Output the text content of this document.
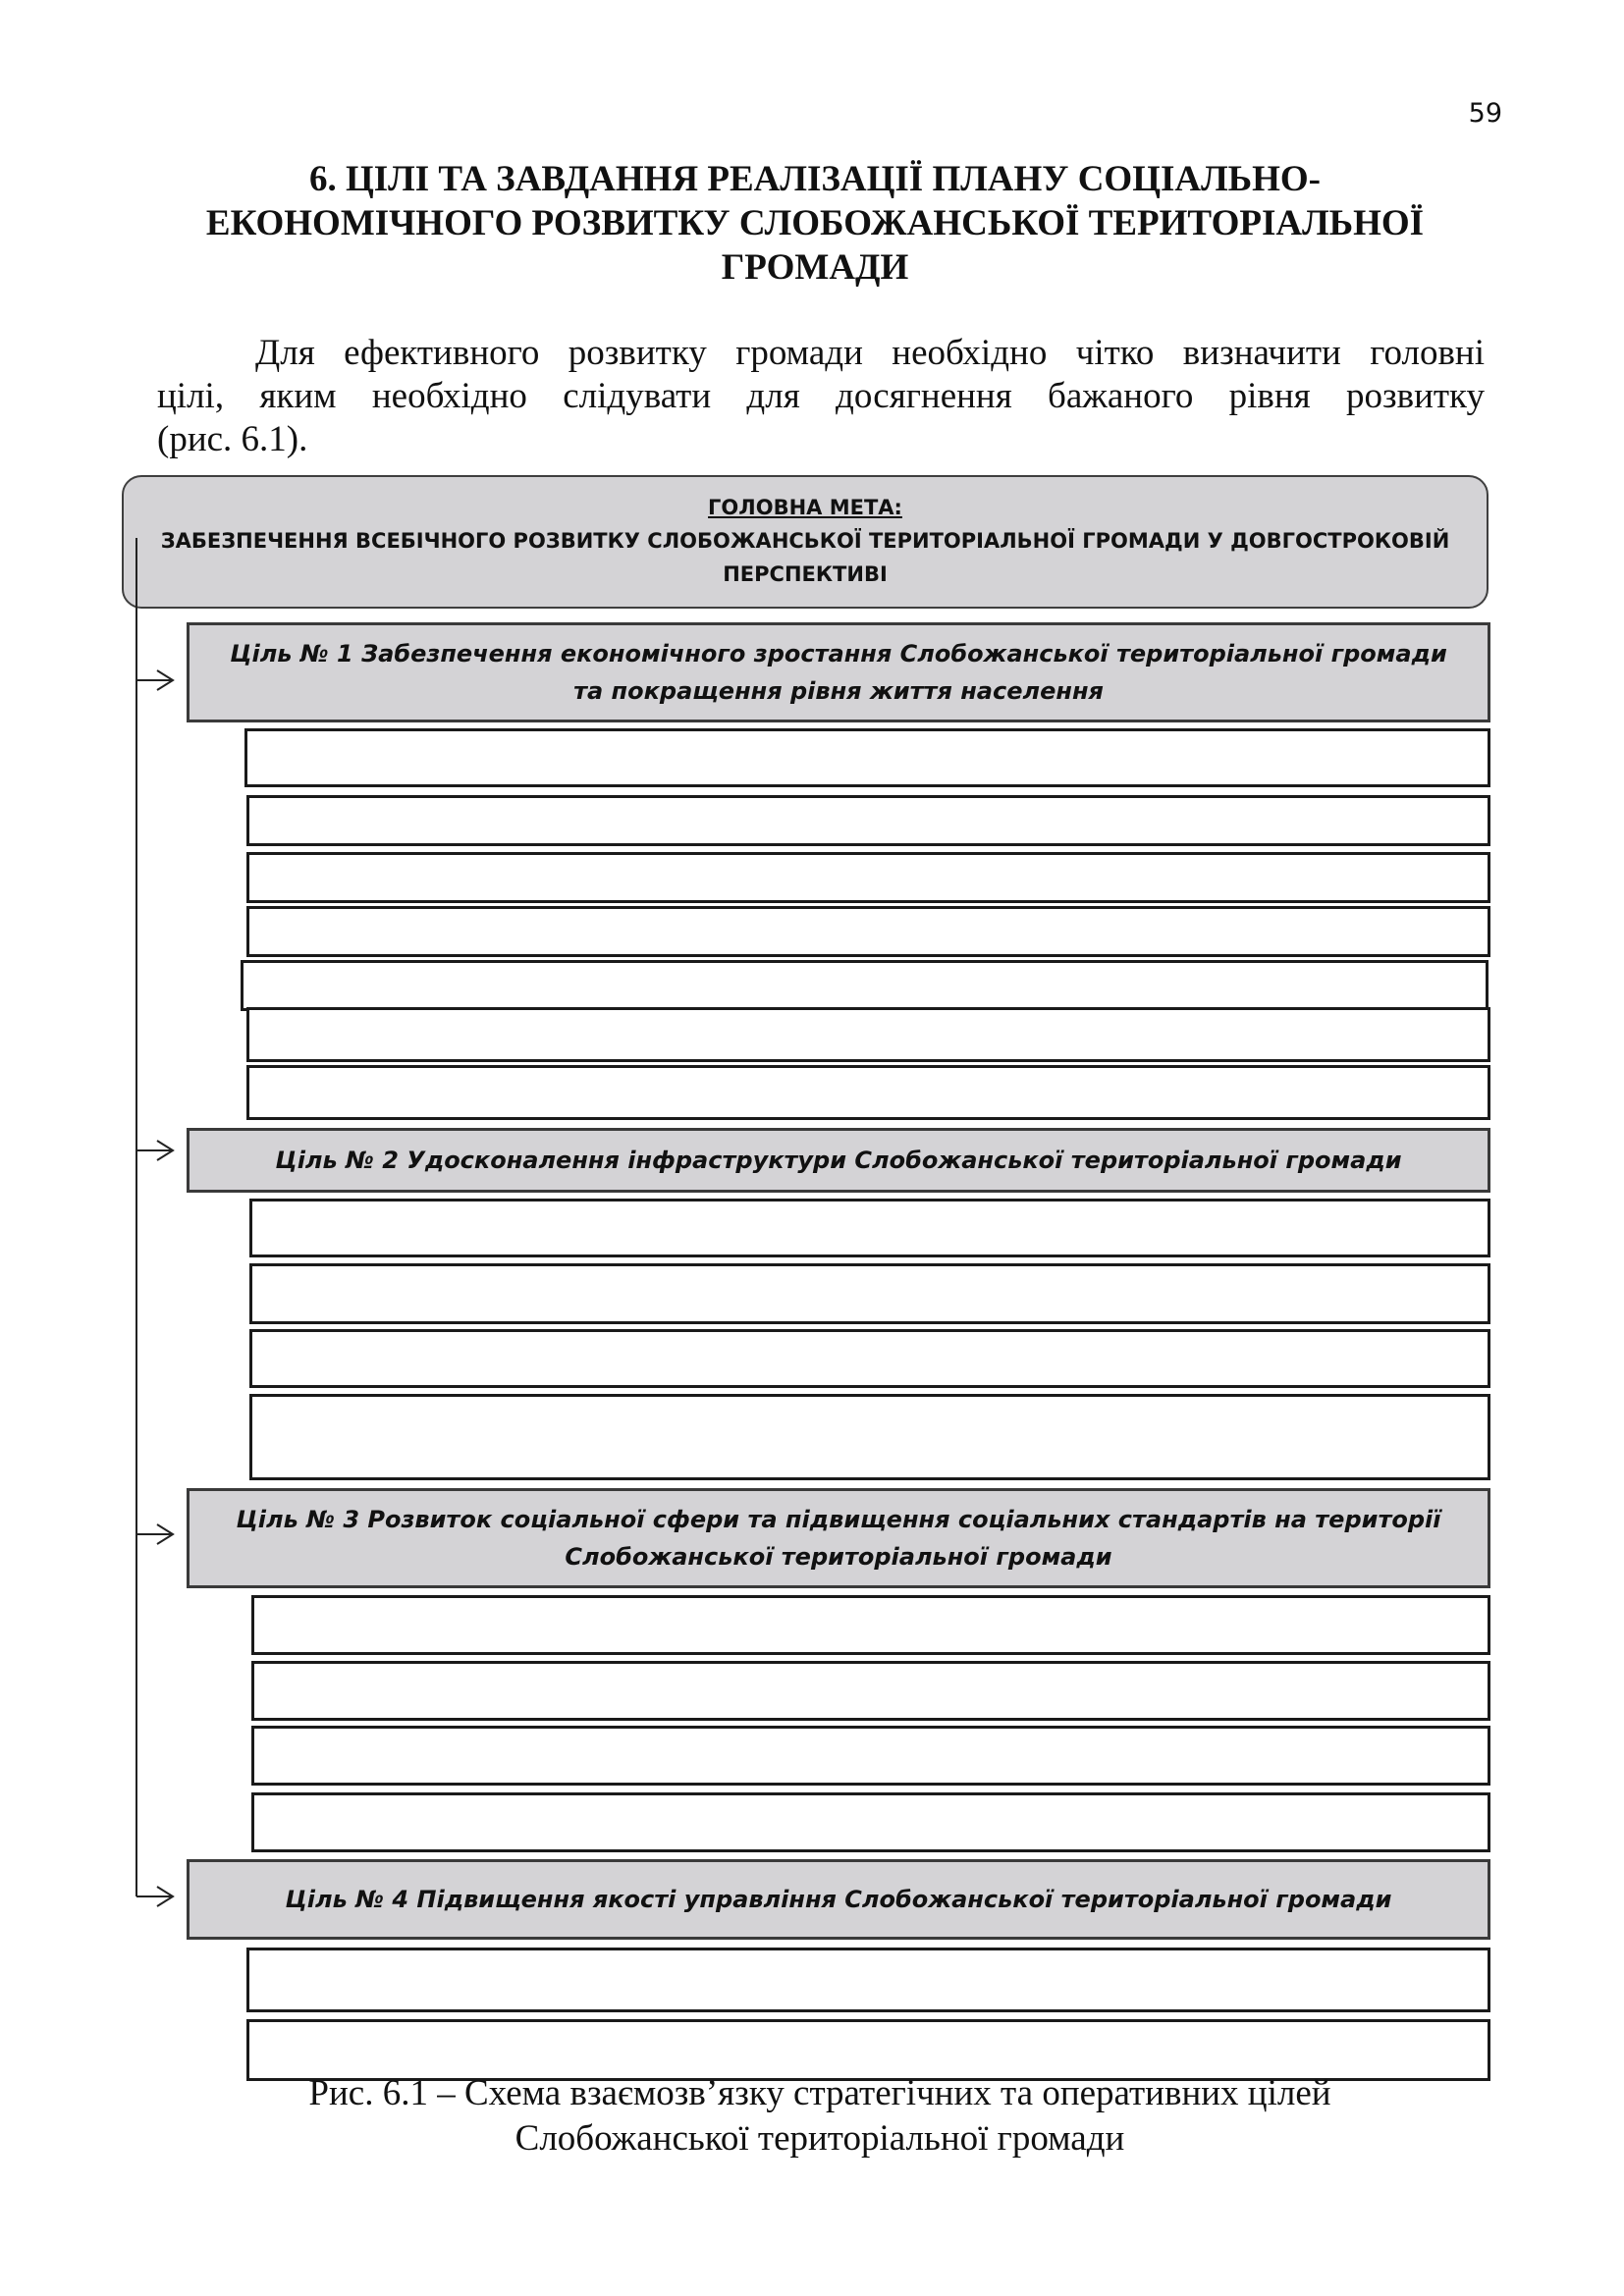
59
6. ЦІЛІ ТА ЗАВДАННЯ РЕАЛІЗАЦІЇ ПЛАНУ СОЦІАЛЬНО-
ЕКОНОМІЧНОГО РОЗВИТКУ СЛОБОЖАНСЬКОЇ ТЕРИТОРІАЛЬНОЇ
ГРОМАДИ
Для ефективного розвитку громади необхідно чітко визначити головні
цілі, яким необхідно слідувати для досягнення бажаного рівня розвитку
(рис. 6.1).
ГОЛОВНА МЕТА:
ЗАБЕЗПЕЧЕННЯ ВСЕБІЧНОГО РОЗВИТКУ СЛОБОЖАНСЬКОЇ ТЕРИТОРІАЛЬНОЇ ГРОМАДИ У ДОВГОСТРОКОВІЙ
ПЕРСПЕКТИВІ
Ціль № 1 Забезпечення економічного зростання Слобожанської територіальної громади
та покращення рівня життя населення
Ціль № 2 Удосконалення інфраструктури Слобожанської територіальної громади
Ціль № 3 Розвиток соціальної сфери та підвищення соціальних стандартів на території
Слобожанської територіальної громади
Ціль № 4 Підвищення якості управління Слобожанської територіальної громади
Рис. 6.1 – Схема взаємозв’язку стратегічних та оперативних цілей
Слобожанської територіальної громади
